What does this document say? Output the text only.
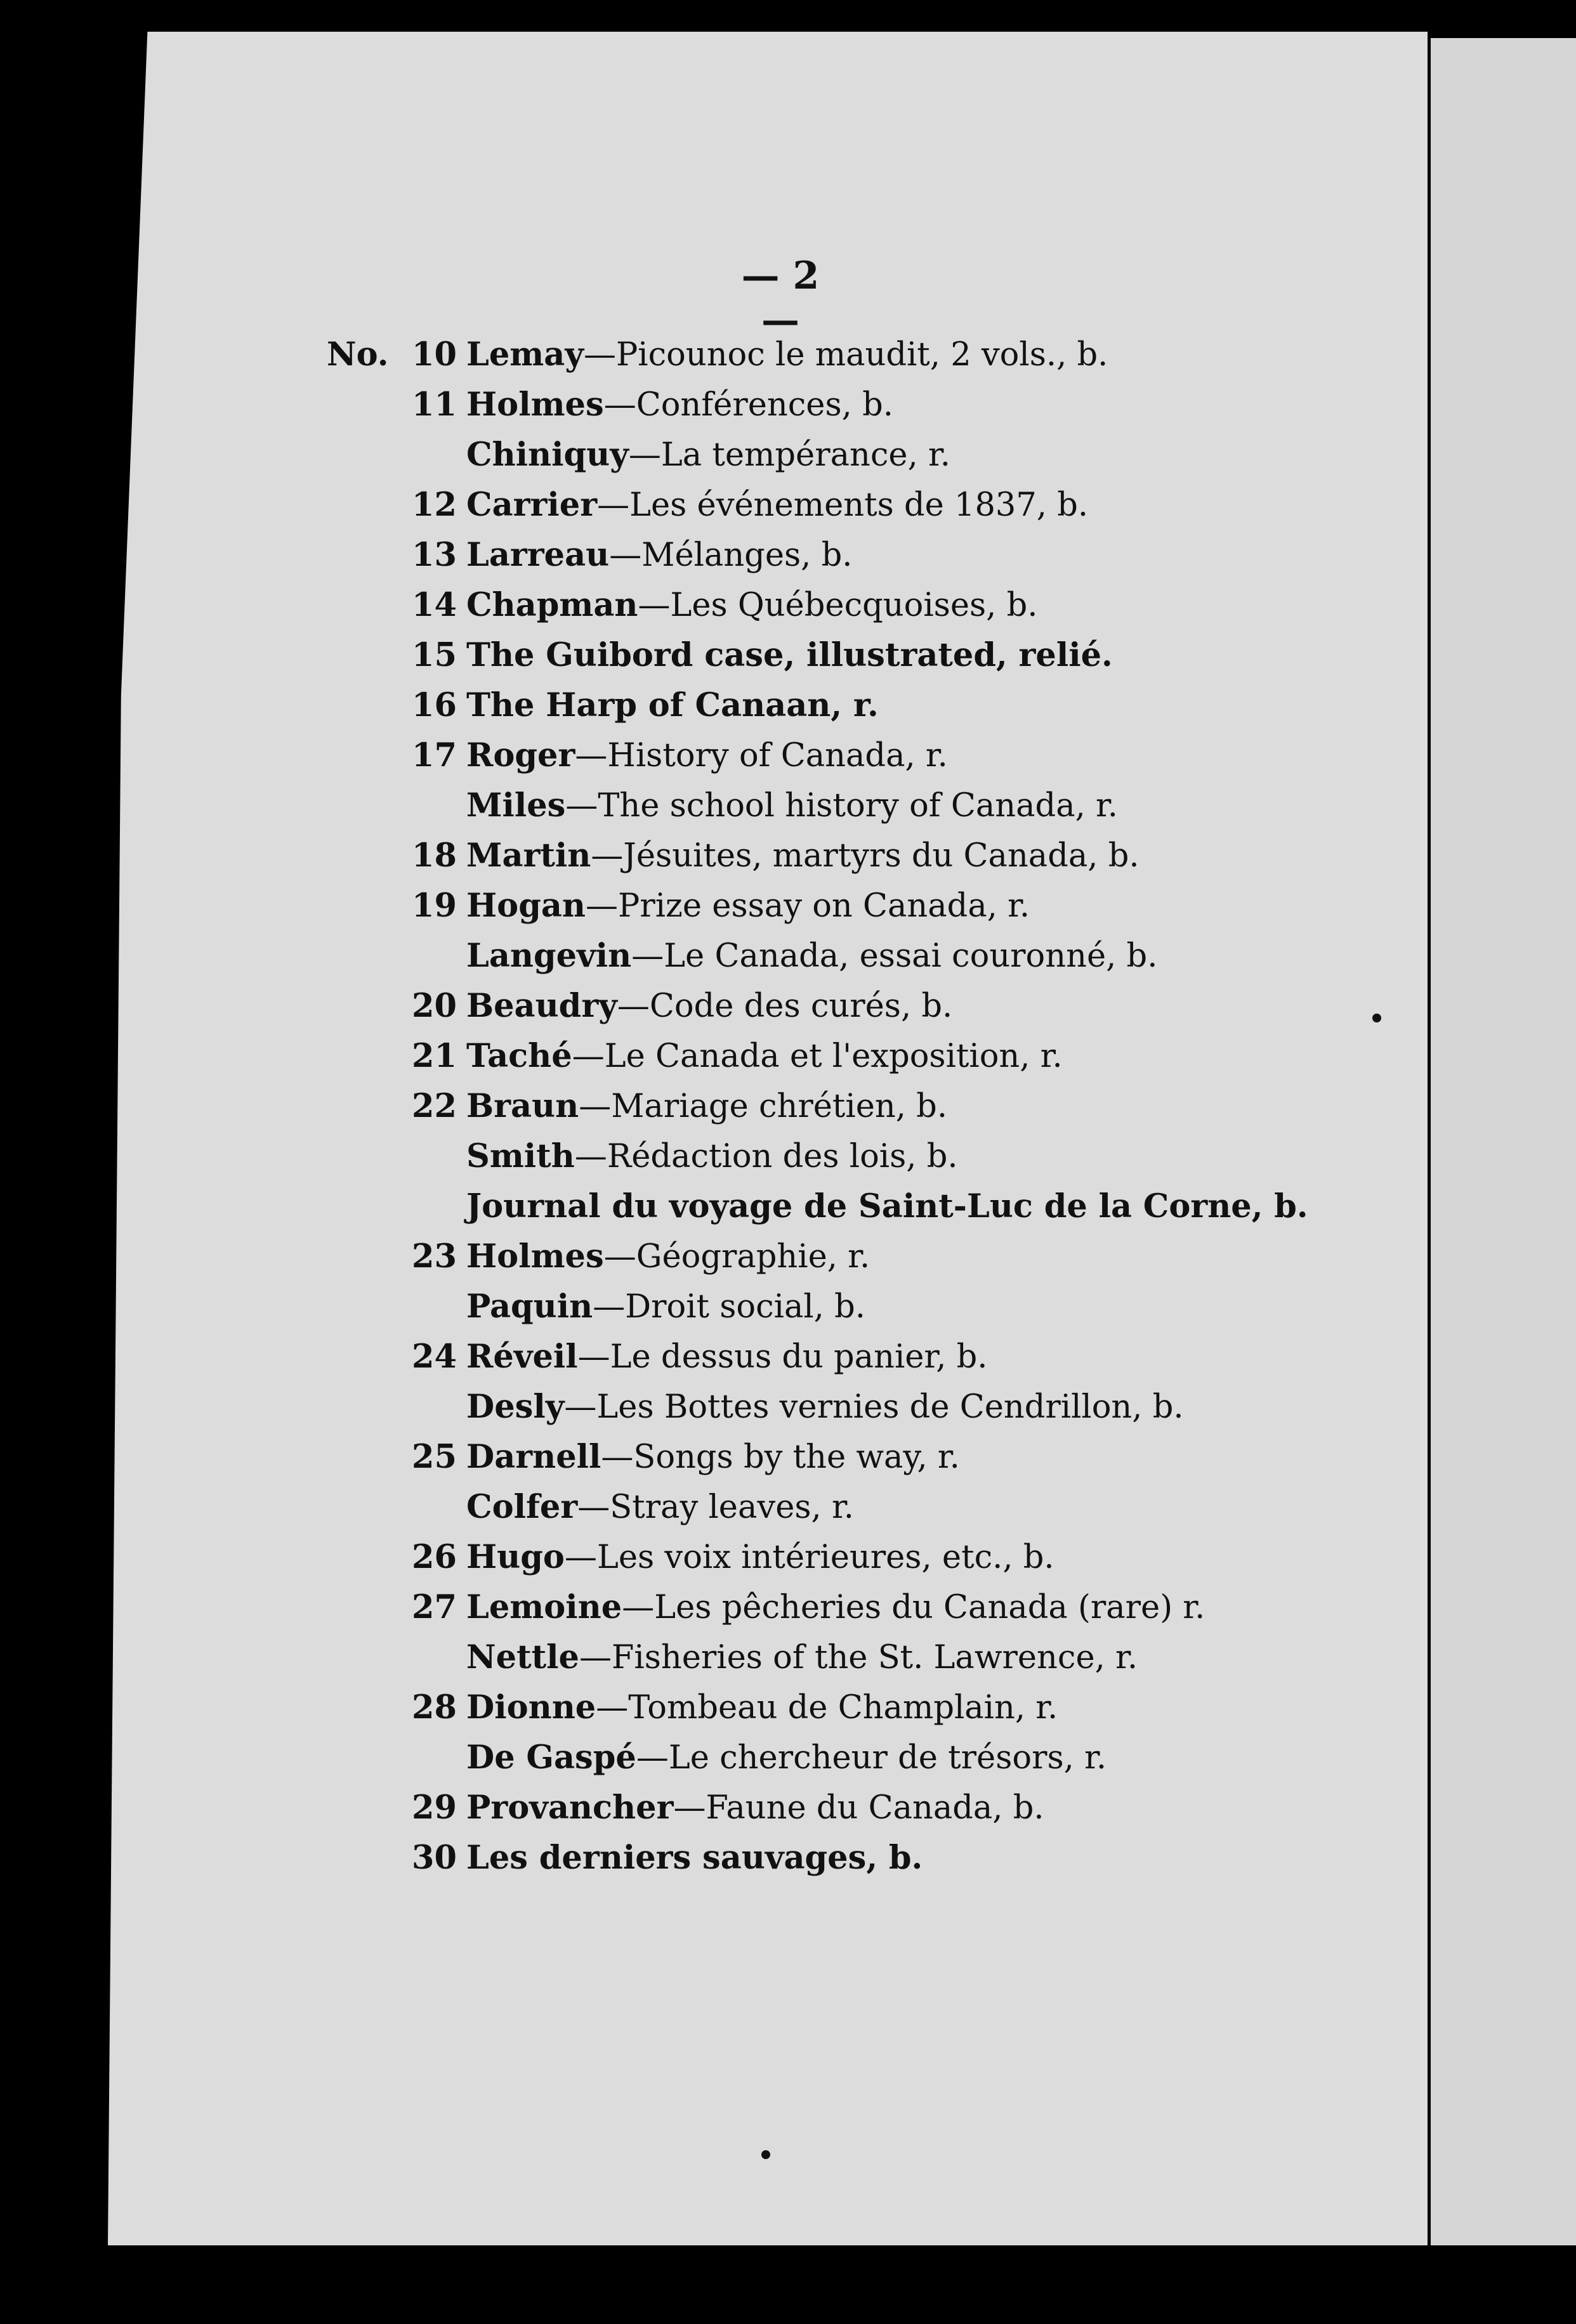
— 2 —
No. 10 Lemay—Picounoc le maudit, 2 vols., b.
11 Holmes—Conférences, b.
Chiniquy—La tempérance, r.
12 Carrier—Les événements de 1837, b.
13 Larreau—Mélanges, b.
14 Chapman—Les Québecquoises, b.
15 The Guibord case, illustrated, relié.
16 The Harp of Canaan, r.
17 Roger—History of Canada, r.
Miles—The school history of Canada, r.
18 Martin—Jésuites, martyrs du Canada, b.
19 Hogan—Prize essay on Canada, r.
Langevin—Le Canada, essai couronné, b.
20 Beaudry—Code des curés, b.
21 Taché—Le Canada et l'exposition, r.
22 Braun—Mariage chrétien, b.
Smith—Rédaction des lois, b.
Journal du voyage de Saint-Luc de la Corne, b.
23 Holmes—Géographie, r.
Paquin—Droit social, b.
24 Réveil—Le dessus du panier, b.
Desly—Les Bottes vernies de Cendrillon, b.
25 Darnell—Songs by the way, r.
Colfer—Stray leaves, r.
26 Hugo—Les voix intérieures, etc., b.
27 Lemoine—Les pêcheries du Canada (rare) r.
Nettle—Fisheries of the St. Lawrence, r.
28 Dionne—Tombeau de Champlain, r.
De Gaspé—Le chercheur de trésors, r.
29 Provancher—Faune du Canada, b.
30 Les derniers sauvages, b.
